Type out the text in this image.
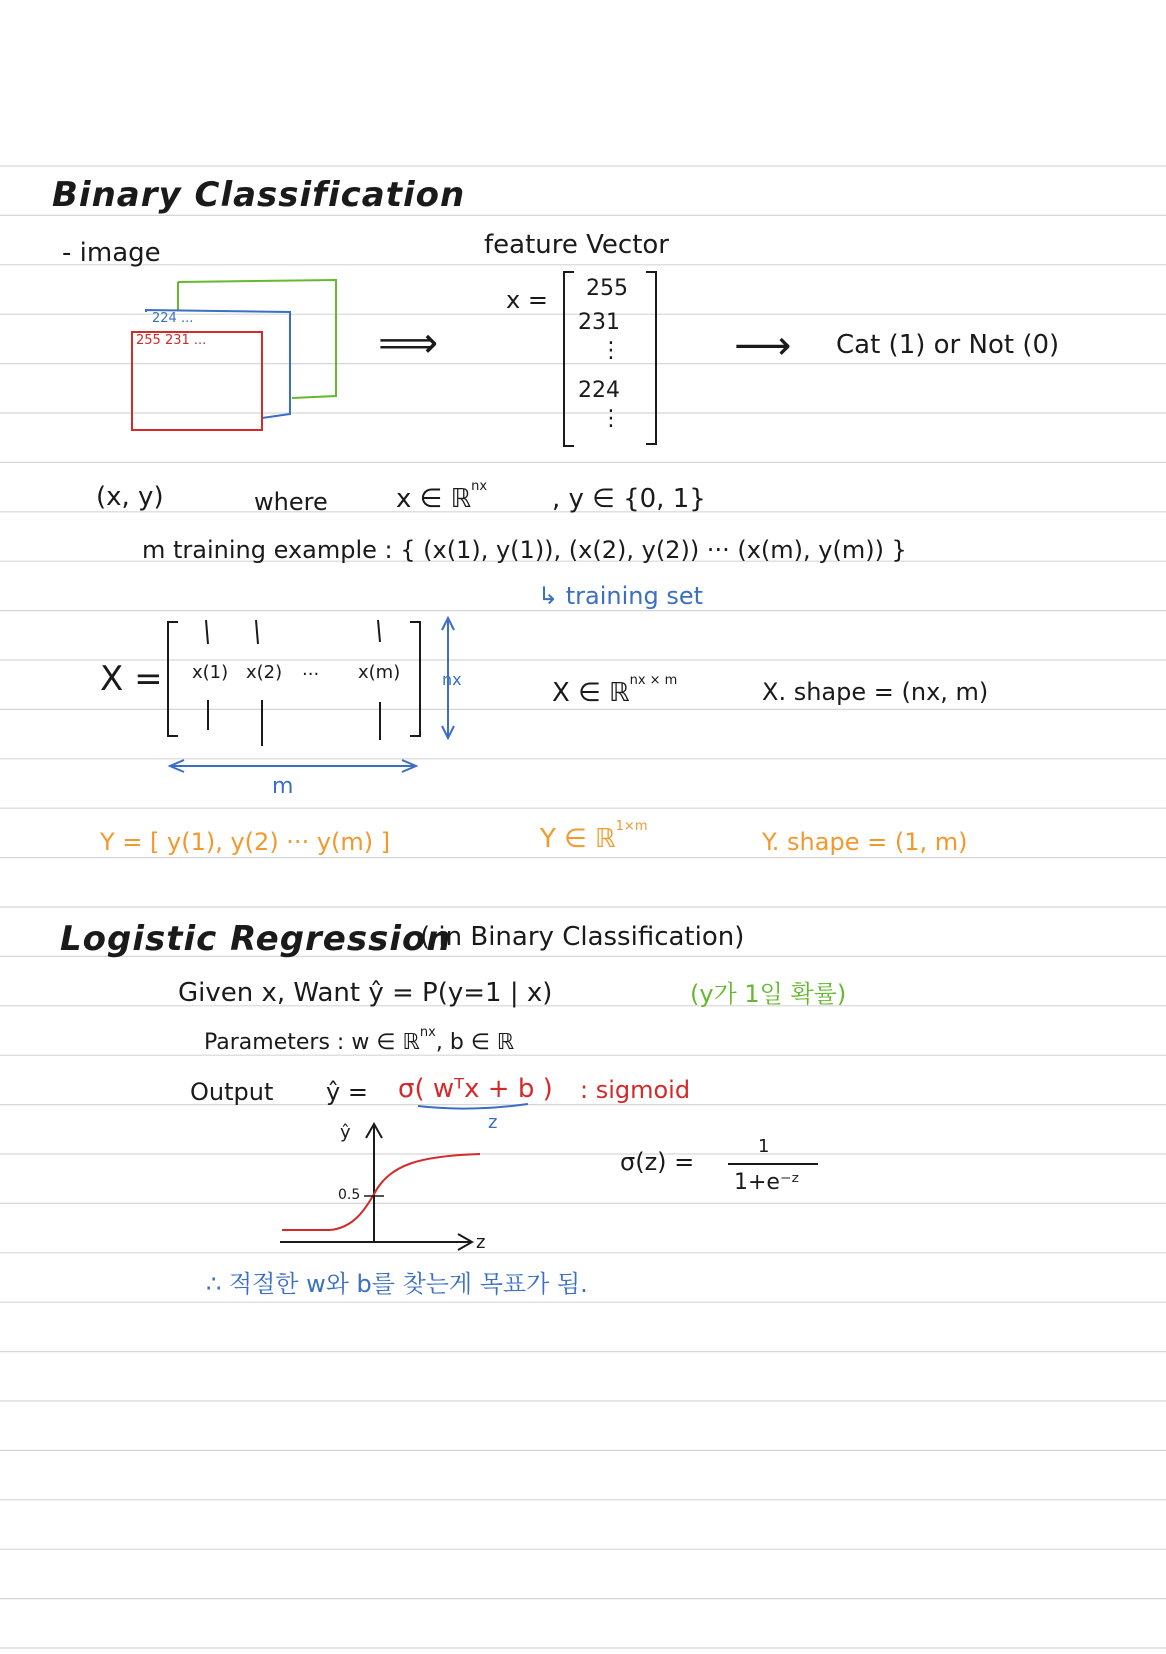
Binary Classification
- image
224 ...
255 231 ...	⟹
feature Vector
x = 255
231
⋮
224
⋮
⟶ Cat (1) or Not (0)
(x, y)	where	x ∈ ℝ$^{nx}$ , y ∈ {0, 1}
m training example : { (x(1), y(1)), (x(2), y(2)) ··· (x(m), y(m)) }
↳ training set
X = x(1) x(2) ··· x(m)	nx
m
X ∈ ℝ$^{nx \times m}$	X. shape = (nx, m)
Y = [ y(1), y(2) ··· y(m) ]	Y ∈ ℝ$^{1\times m}$
Y. shape = (1, m)
Logistic Regression
( in Binary Classification)
Given x, Want ŷ = P(y=1 | x)	(y가 1일 확률)
Parameters : w ∈ ℝ$^{nx}$, b ∈ ℝ
Output ŷ = σ( wᵀx + b )
z
: sigmoid
σ(z) =
1
1+e⁻ᶻ
ŷ
0.5
z
∴ 적절한 w와 b를 찾는게 목표가 됨.
